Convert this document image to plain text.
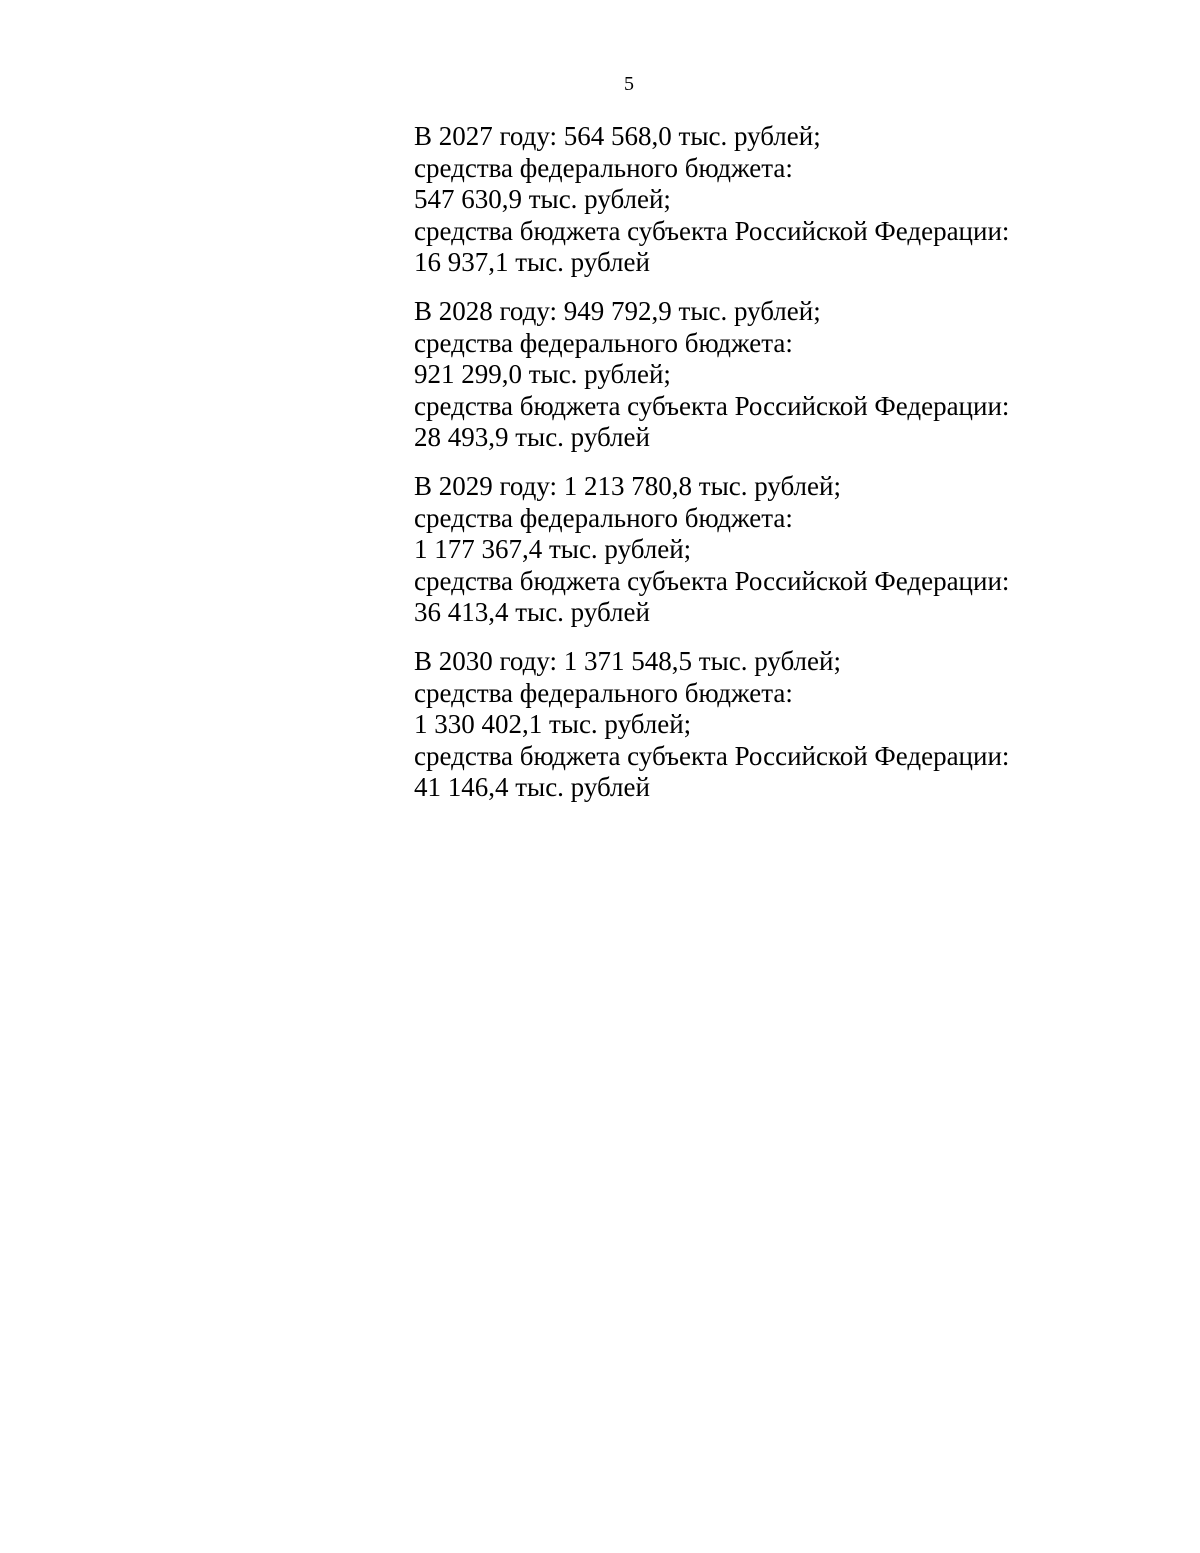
5
В 2027 году: 564 568,0 тыс. рублей;
средства федерального бюджета:
547 630,9 тыс. рублей;
средства бюджета субъекта Российской Федерации:
16 937,1 тыс. рублей
В 2028 году: 949 792,9 тыс. рублей;
средства федерального бюджета:
921 299,0 тыс. рублей;
средства бюджета субъекта Российской Федерации:
28 493,9 тыс. рублей
В 2029 году: 1 213 780,8 тыс. рублей;
средства федерального бюджета:
1 177 367,4 тыс. рублей;
средства бюджета субъекта Российской Федерации:
36 413,4 тыс. рублей
В 2030 году: 1 371 548,5 тыс. рублей;
средства федерального бюджета:
1 330 402,1 тыс. рублей;
средства бюджета субъекта Российской Федерации:
41 146,4 тыс. рублей
